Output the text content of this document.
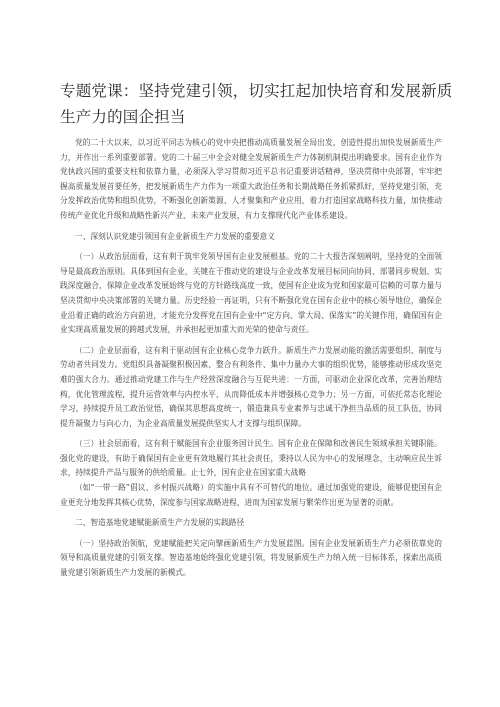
专题党课：坚持党建引领，切实扛起加快培育和发展新质生产力的国企担当

党的二十大以来，以习近平同志为核心的党中央把推动高质量发展全局出发，创造性提出加快发展新质生产力，并作出一系列重要部署。党的二十届三中全会对健全发展新质生产力体制机制提出明确要求。国有企业作为党执政兴国的重要支柱和依靠力量，必须深入学习贯彻习近平总书记重要讲话精神，坚决贯彻中央部署，牢牢把握高质量发展首要任务，把发展新质生产力作为一项重大政治任务和长期战略任务抓紧抓好，坚持党建引领，充分发挥政治优势和组织优势，不断强化创新策源、人才聚集和产业应用，着力打造国家战略科技力量，加快推动传统产业优化升级和战略性新兴产业、未来产业发展，有力支撑现代化产业体系建设。

一、深刻认识党建引领国有企业新质生产力发展的重要意义

（一）从政治层面看，这有利于筑牢党领导国有企业发展根基。党的二十大报告深刻阐明，坚持党的全面领导是最高政治原则。具体到国有企业，关键在于推动党的建设与企业改革发展目标同向协同、部署同步规划、实践深度融合，保障企业改革发展始终与党的方针路线高度一致，使国有企业成为党和国家最可信赖的可靠力量与坚决贯彻中央决策部署的关键力量。历史经验一再证明，只有不断强化党在国有企业中的核心领导地位，确保企业沿着正确的政治方向前进，才能充分发挥党在国有企业中“定方向、掌大局、保落实”的关键作用，确保国有企业实现高质量发展的跨越式发展，并承担起更加重大而光荣的使命与责任。

（二）企业层面看，这有利于驱动国有企业核心竞争力跃升。新质生产力发展动能的激活需要组织、制度与劳动者共同发力。党组织具备凝聚积极因素、整合有利条件、集中力量办大事的组织优势，能够推动形成攻坚克难的强大合力。通过推动党建工作与生产经营深度融合与互促共进：一方面，可驱动企业深化改革，完善治理结构，优化管理流程，提升运营效率与内控水平，从而降低成本并增强核心竞争力；另一方面，可依托常态化理论学习，持续提升员工政治觉悟，确保其思想高度统一，锻造兼具专业素养与忠诚干净担当品质的员工队伍，协同提升凝聚力与向心力，为企业高质量发展提供坚实人才支撑与组织保障。

（三）社会层面看，这有利于赋能国有企业服务国计民生。国有企业在保障和改善民生领域承担关键职能。强化党的建设，有助于确保国有企业更有效地履行其社会责任，秉持以人民为中心的发展理念，主动响应民生诉求，持续提升产品与服务的供给质量。止七外，国有企业在国家重大战略

（如“一带一路”倡议、乡村振兴战略）的实施中具有不可替代的地位。通过加强党的建设，能够促使国有企业更充分地发挥其核心优势，深度参与国家战略进程，进而为国家发展与繁荣作出更为显著的贡献。

二、智造基地党建赋能新质生产力发展的实践路径

（一）坚持政治领航，党建赋能把关定向擘画新质生产力发展蓝图。国有企业发展新质生产力必须依靠党的领导和高质量党建的引领支撑。智造基地始终强化党建引领，将发展新质生产力纳入统一目标体系，探索出高质量党建引领新质生产力发展的新模式。
